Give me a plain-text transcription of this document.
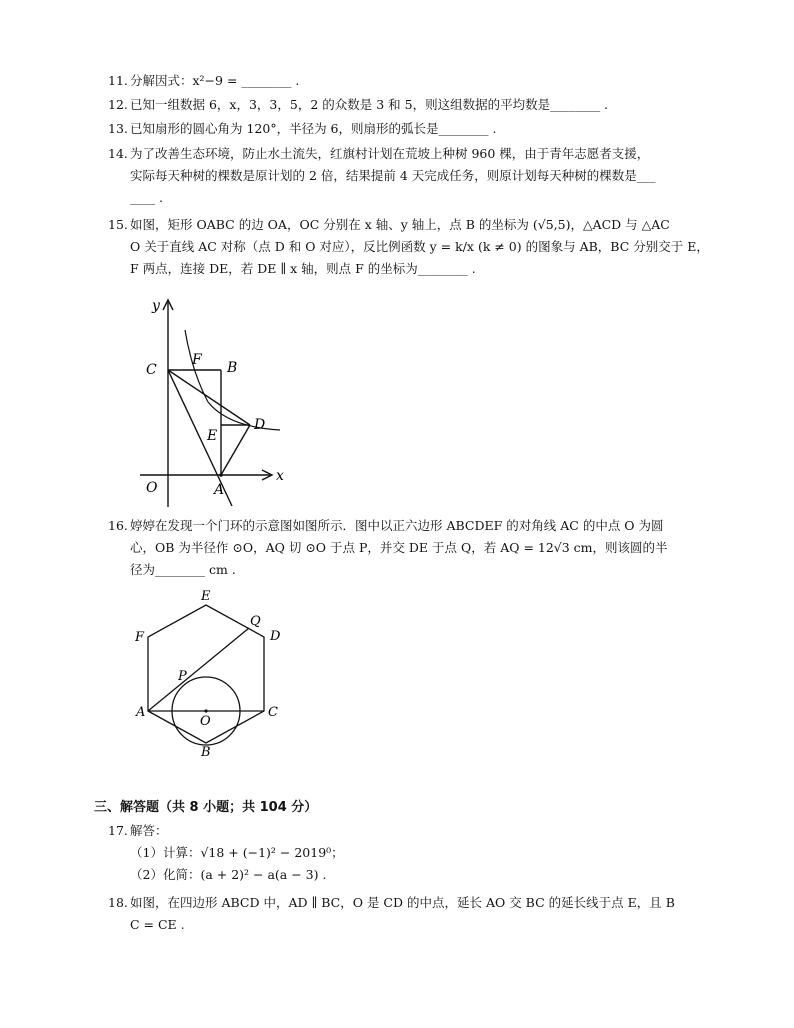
11. 分解因式：x²−9 = ________ .
12. 已知一组数据 6，x，3，3，5，2 的众数是 3 和 5，则这组数据的平均数是________ .
13. 已知扇形的圆心角为 120°，半径为 6，则扇形的弧长是________ .
14. 为了改善生态环境，防止水土流失，红旗村计划在荒坡上种树 960 棵，由于青年志愿者支援，
实际每天种树的棵数是原计划的 2 倍，结果提前 4 天完成任务，则原计划每天种树的棵数是___
____ .
15. 如图，矩形 OABC 的边 OA，OC 分别在 x 轴、y 轴上，点 B 的坐标为 (√5,5)，△ACD 与 △AC
O 关于直线 AC 对称（点 D 和 O 对应），反比例函数 y = k/x (k ≠ 0) 的图象与 AB，BC 分别交于 E，
F 两点，连接 DE，若 DE ∥ x 轴，则点 F 的坐标为________ .
y
x
O	A
B
C
D
E
F
16. 婷婷在发现一个门环的示意图如图所示．图中以正六边形 ABCDEF 的对角线 AC 的中点 O 为圆
心，OB 为半径作 ⊙O，AQ 切 ⊙O 于点 P，并交 DE 于点 Q，若 AQ = 12√3 cm，则该圆的半
径为________ cm .
A
B
C
D
E
F
O
P
Q
三、解答题（共 8 小题；共 104 分）
17. 解答：
（1）计算：√18 + (−1)² − 2019⁰；
（2）化简：(a + 2)² − a(a − 3) .
18. 如图，在四边形 ABCD 中，AD ∥ BC，O 是 CD 的中点，延长 AO 交 BC 的延长线于点 E，且 B
C = CE .
